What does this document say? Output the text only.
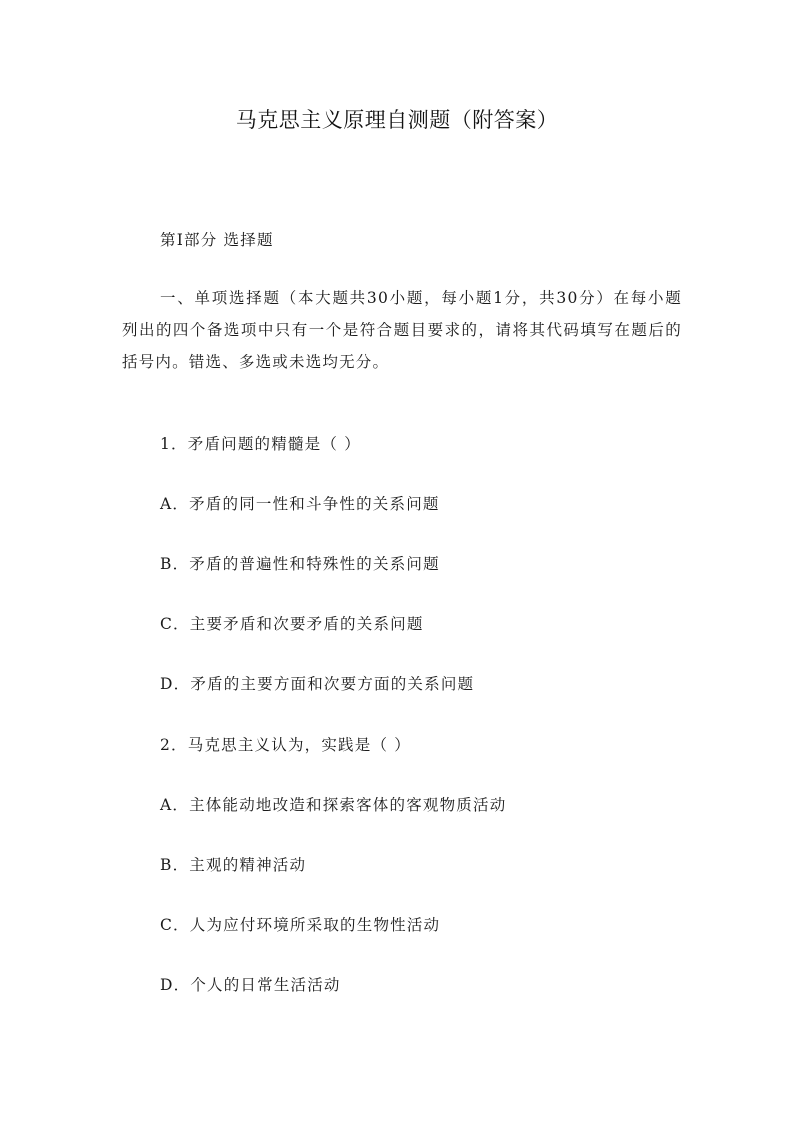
马克思主义原理自测题（附答案）
第Ⅰ部分 选择题
一、单项选择题（本大题共30小题，每小题1分，共30分）在每小题列出的四个备选项中只有一个是符合题目要求的，请将其代码填写在题后的括号内。错选、多选或未选均无分。
1．矛盾问题的精髓是（ ）
A．矛盾的同一性和斗争性的关系问题
B．矛盾的普遍性和特殊性的关系问题
C．主要矛盾和次要矛盾的关系问题
D．矛盾的主要方面和次要方面的关系问题
2．马克思主义认为，实践是（ ）
A．主体能动地改造和探索客体的客观物质活动
B．主观的精神活动
C．人为应付环境所采取的生物性活动
D．个人的日常生活活动
